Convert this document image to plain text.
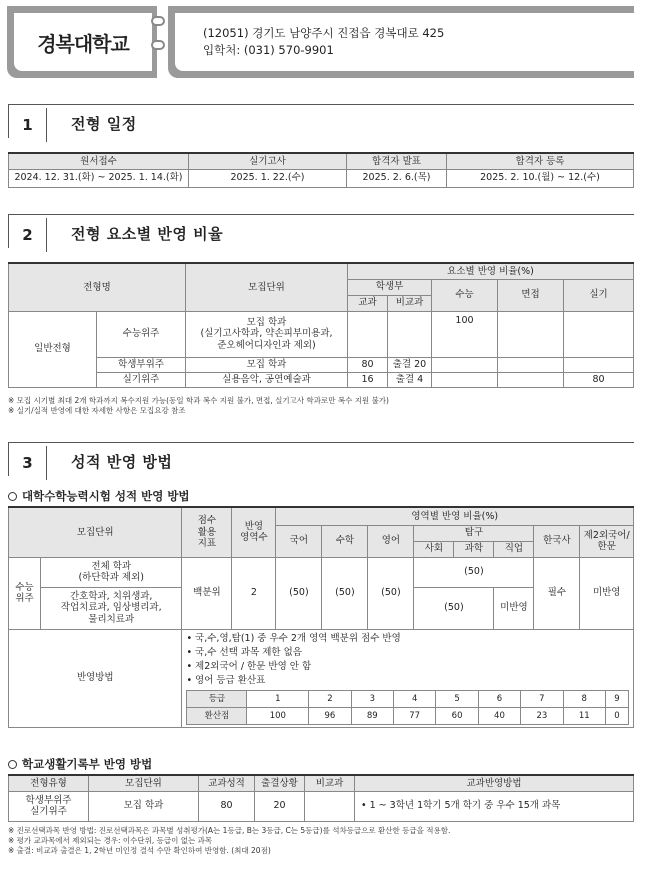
경복대학교	(12051) 경기도 남양주시 진접읍 경복대로 425
입학처: (031) 570-9901
1	전형 일정
원서접수	실기고사	합격자 발표	합격자 등록
2024. 12. 31.(화) ~ 2025. 1. 14.(화)	2025. 1. 22.(수)	2025. 2. 6.(목)	2025. 2. 10.(월) ~ 12.(수)
2	전형 요소별 반영 비율
전형명		모집단위	요소별 반영 비율(%)				
			학생부		수능	면접	실기
			교과	비교과			
일반전형	수능위주	모집 학과
(실기고사학과, 약손피부미용과,
준오헤어디자인과 제외)			100		
	학생부위주	모집 학과	80	출결 20			
	실기위주	실용음악, 공연예술과	16	출결 4			80
※ 모집 시기별 최대 2개 학과까지 복수지원 가능(동일 학과 복수 지원 불가, 면접, 실기고사 학과로만 복수 지원 불가)
※ 실기/실적 반영에 대한 자세한 사항은 모집요강 참조
3	성적 반영 방법
대학수학능력시험 성적 반영 방법
모집단위	점수
활용
지표	반영
영역수	영역별 반영 비율(%)
국어	수학	영어	탐구	한국사	제2외국어/
한문
사회	과학	직업
수능
위주	전체 학과
(하단학과 제외)	백분위	2	(50)	(50)	(50)	(50)	필수	미반영
간호학과, 치위생과,
작업치료과, 임상병리과,
물리치료과	(50)	미반영
반영방법	
• 국,수,영,탐(1) 중 우수 2개 영역 백분위 점수 반영
• 국,수 선택 과목 제한 없음
• 제2외국어 / 한문 반영 안 함
• 영어 등급 환산표
등급	1	2	3	4	5	6	7	8	9
환산점	100	96	89	77	60	40	23	11	0
학교생활기록부 반영 방법
전형유형	모집단위	교과성적	출결상황	비교과	교과반영방법
학생부위주
실기위주	모집 학과	80	20		• 1 ~ 3학년 1학기 5개 학기 중 우수 15개 과목
※ 진로선택과목 반영 방법: 진로선택과목은 과목별 성취평가(A는 1등급, B는 3등급, C는 5등급)를 석차등급으로 환산한 등급을 적용함.
※ 평가 교과목에서 제외되는 경우: 이수단위, 등급이 없는 과목
※ 출결: 비교과 출결은 1, 2학년 미인정 결석 수만 확인하여 반영함. (최대 20점)
